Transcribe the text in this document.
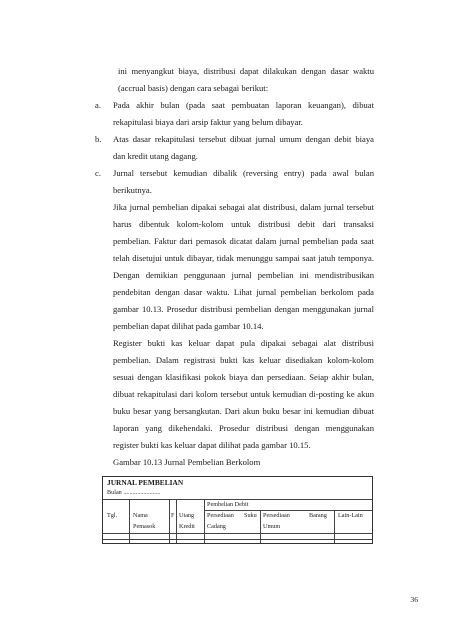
ini menyangkut biaya, distribusi dapat dilakukan dengan dasar waktu
(accrual basis) dengan cara sebagai berikut:
a. Pada akhir bulan (pada saat pembuatan laporan keuangan), dibuat
rekapitulasi biaya dari arsip faktur yang belum dibayar.
b. Atas dasar rekapitulasi tersebut dibuat jurnal umum dengan debit biaya
dan kredit utang dagang.
c. Jurnal tersebut kemudian dibalik (reversing entry) pada awal bulan
berikutnya.
Jika jurnal pembelian dipakai sebagai alat distribusi, dalam jurnal tersebut
harus dibentuk kolom-kolom untuk distribusi debit dari transaksi
pembelian. Faktur dari pemasok dicatat dalam jurnal pembelian pada saat
telah disetujui untuk dibayar, tidak menunggu sampai saat jatuh temponya.
Dengan demikian penggunaan jurnal pembelian ini mendistribusikan
pendebitan dengan dasar waktu. Lihat jurnal pembelian berkolom pada
gambar 10.13. Prosedur distribusi pembelian dengan menggunakan jurnal
pembelian dapat dilihat pada gambar 10.14.
Register bukti kas keluar dapat pula dipakai sebagai alat distribusi
pembelian. Dalam registrasi bukti kas keluar disediakan kolom-kolom
sesuai dengan klasifikasi pokok biaya dan persediaan. Seiap akhir bulan,
dibuat rekapitulasi dari kolom tersebut untuk kemudian di-posting ke akun
buku besar yang bersangkutan. Dari akun buku besar ini kemudian dibuat
laporan yang dikehendaki. Prosedur distribusi dengan menggunakan
register bukti kas keluar dapat dilihat pada gambar 10.15.
Gambar 10.13 Jurnal Pembelian Berkolom
JURNAL PEMBELIAN
Bulan ........................
Pembelian Debit
Tgl.	Nama
Pemasok
F Utang
Kredit
Persediaan Suku
Cadang
Persediaan	Barang
Umum
Lain-Lain
36
